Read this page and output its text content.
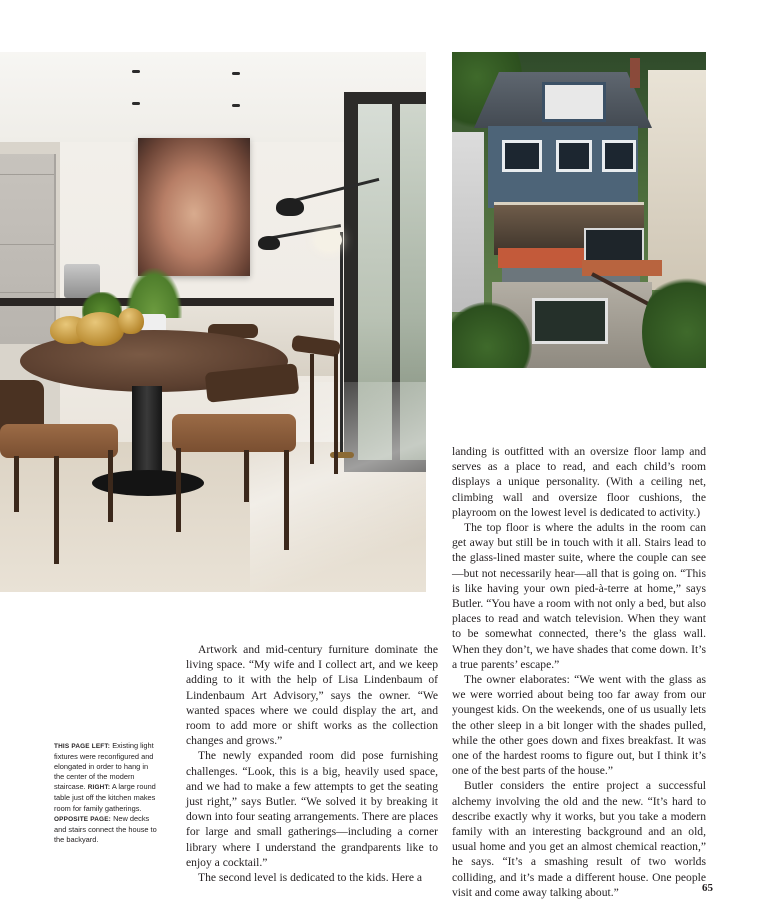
THIS PAGE LEFT: Existing light fixtures were reconfigured and elongated in order to hang in the center of the modern staircase. RIGHT: A large round table just off the kitchen makes room for family gatherings. OPPOSITE PAGE: New decks and stairs connect the house to the backyard.

Artwork and mid-century furniture dominate the living space. “My wife and I collect art, and we keep adding to it with the help of Lisa Lindenbaum of Lindenbaum Art Advisory,” says the owner. “We wanted spaces where we could display the art, and room to add more or shift works as the collection changes and grows.”

The newly expanded room did pose furnishing challenges. “Look, this is a big, heavily used space, and we had to make a few attempts to get the seating just right,” says Butler. “We solved it by breaking it down into four seating arrangements. There are places for large and small gatherings—including a corner library where I understand the grandparents like to enjoy a cocktail.”

The second level is dedicated to the kids. Here a

landing is outfitted with an oversize floor lamp and serves as a place to read, and each child’s room displays a unique personality. (With a ceiling net, climbing wall and oversize floor cushions, the playroom on the lowest level is dedicated to activity.)

The top floor is where the adults in the room can get away but still be in touch with it all. Stairs lead to the glass-lined master suite, where the couple can see—but not necessarily hear—all that is going on. “This is like having your own pied-à-terre at home,” says Butler. “You have a room with not only a bed, but also places to read and watch television. When they want to be somewhat connected, there’s the glass wall. When they don’t, we have shades that come down. It’s a true parents’ escape.”

The owner elaborates: “We went with the glass as we were worried about being too far away from our youngest kids. On the weekends, one of us usually lets the other sleep in a bit longer with the shades pulled, while the other goes down and fixes breakfast. It was one of the hardest rooms to figure out, but I think it’s one of the best parts of the house.”

Butler considers the entire project a successful alchemy involving the old and the new. “It’s hard to describe exactly why it works, but you take a modern family with an interesting background and an old, usual home and you get an almost chemical reaction,” he says. “It’s a smashing result of two worlds colliding, and it’s made a different house. One people visit and come away talking about.”	65
